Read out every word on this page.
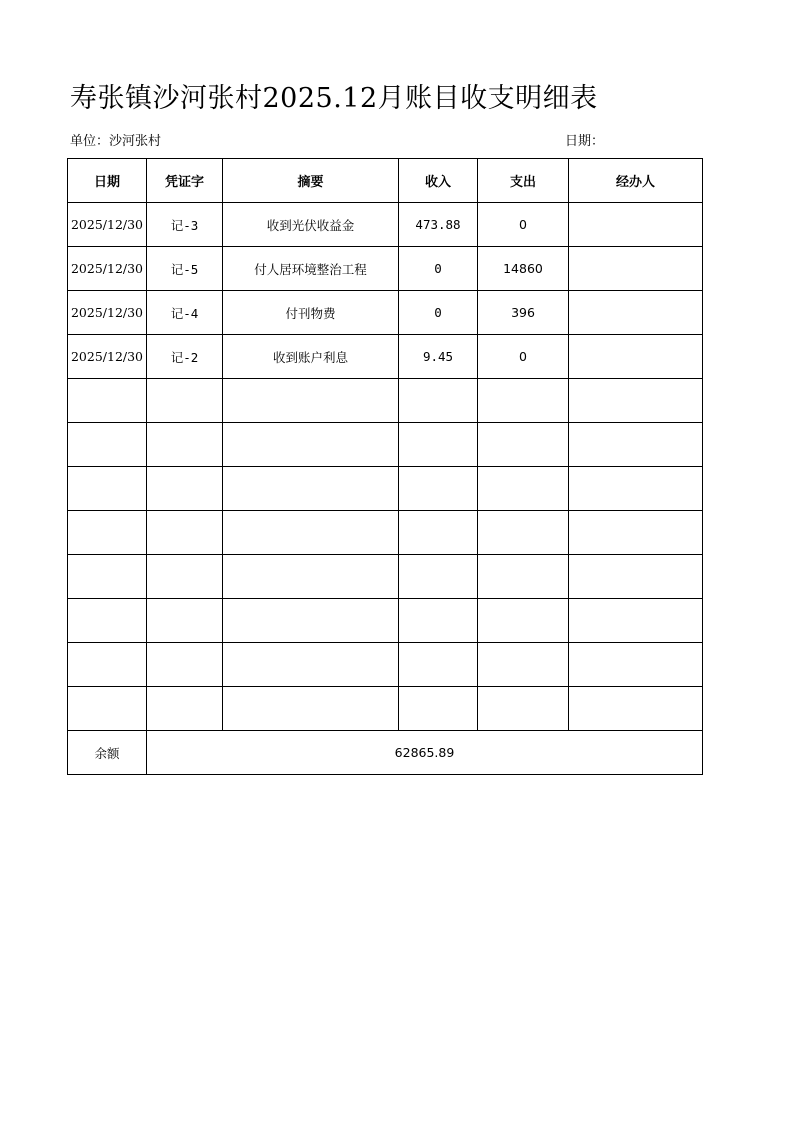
寿张镇沙河张村2025.12月账目收支明细表
单位：沙河张村	日期：
日期	凭证字	摘要	收入	支出	经办人
2025/12/30	记-3	收到光伏收益金	473.88	0	
2025/12/30	记-5	付人居环境整治工程	0	14860	
2025/12/30	记-4	付刊物费	0	396	
2025/12/30	记-2	收到账户利息	9.45	0	

余额	62865.89				
